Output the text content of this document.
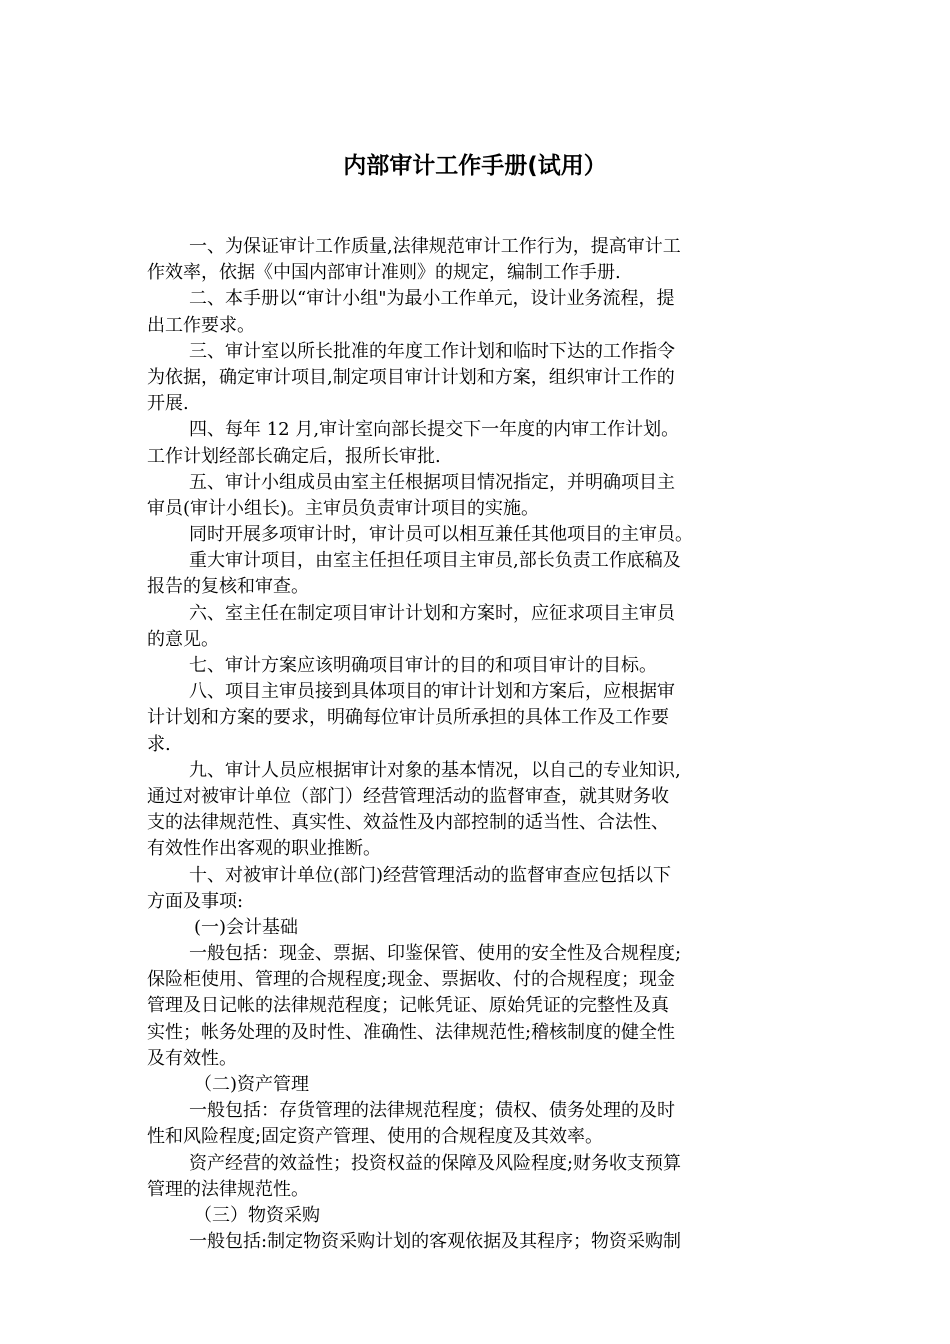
内部审计工作手册(试用）
一、为保证审计工作质量,法律规范审计工作行为，提高审计工
作效率，依据《中国内部审计准则》的规定，编制工作手册.
二、本手册以“审计小组"为最小工作单元，设计业务流程，提
出工作要求。
三、审计室以所长批准的年度工作计划和临时下达的工作指令
为依据，确定审计项目,制定项目审计计划和方案，组织审计工作的
开展.
四、每年 12 月,审计室向部长提交下一年度的内审工作计划。
工作计划经部长确定后，报所长审批.
五、审计小组成员由室主任根据项目情况指定，并明确项目主
审员(审计小组长)。主审员负责审计项目的实施。
同时开展多项审计时，审计员可以相互兼任其他项目的主审员。
重大审计项目，由室主任担任项目主审员,部长负责工作底稿及
报告的复核和审查。
六、室主任在制定项目审计计划和方案时，应征求项目主审员
的意见。
七、审计方案应该明确项目审计的目的和项目审计的目标。
八、项目主审员接到具体项目的审计计划和方案后，应根据审
计计划和方案的要求，明确每位审计员所承担的具体工作及工作要
求.
九、审计人员应根据审计对象的基本情况，以自己的专业知识,
通过对被审计单位（部门）经营管理活动的监督审查，就其财务收
支的法律规范性、真实性、效益性及内部控制的适当性、合法性、
有效性作出客观的职业推断。
十、对被审计单位(部门)经营管理活动的监督审查应包括以下
方面及事项:
(一)会计基础
一般包括：现金、票据、印鉴保管、使用的安全性及合规程度;
保险柜使用、管理的合规程度;现金、票据收、付的合规程度；现金
管理及日记帐的法律规范程度；记帐凭证、原始凭证的完整性及真
实性；帐务处理的及时性、准确性、法律规范性;稽核制度的健全性
及有效性。
（二)资产管理
一般包括：存货管理的法律规范程度；债权、债务处理的及时
性和风险程度;固定资产管理、使用的合规程度及其效率。
资产经营的效益性；投资权益的保障及风险程度;财务收支预算
管理的法律规范性。
（三）物资采购
一般包括:制定物资采购计划的客观依据及其程序；物资采购制
